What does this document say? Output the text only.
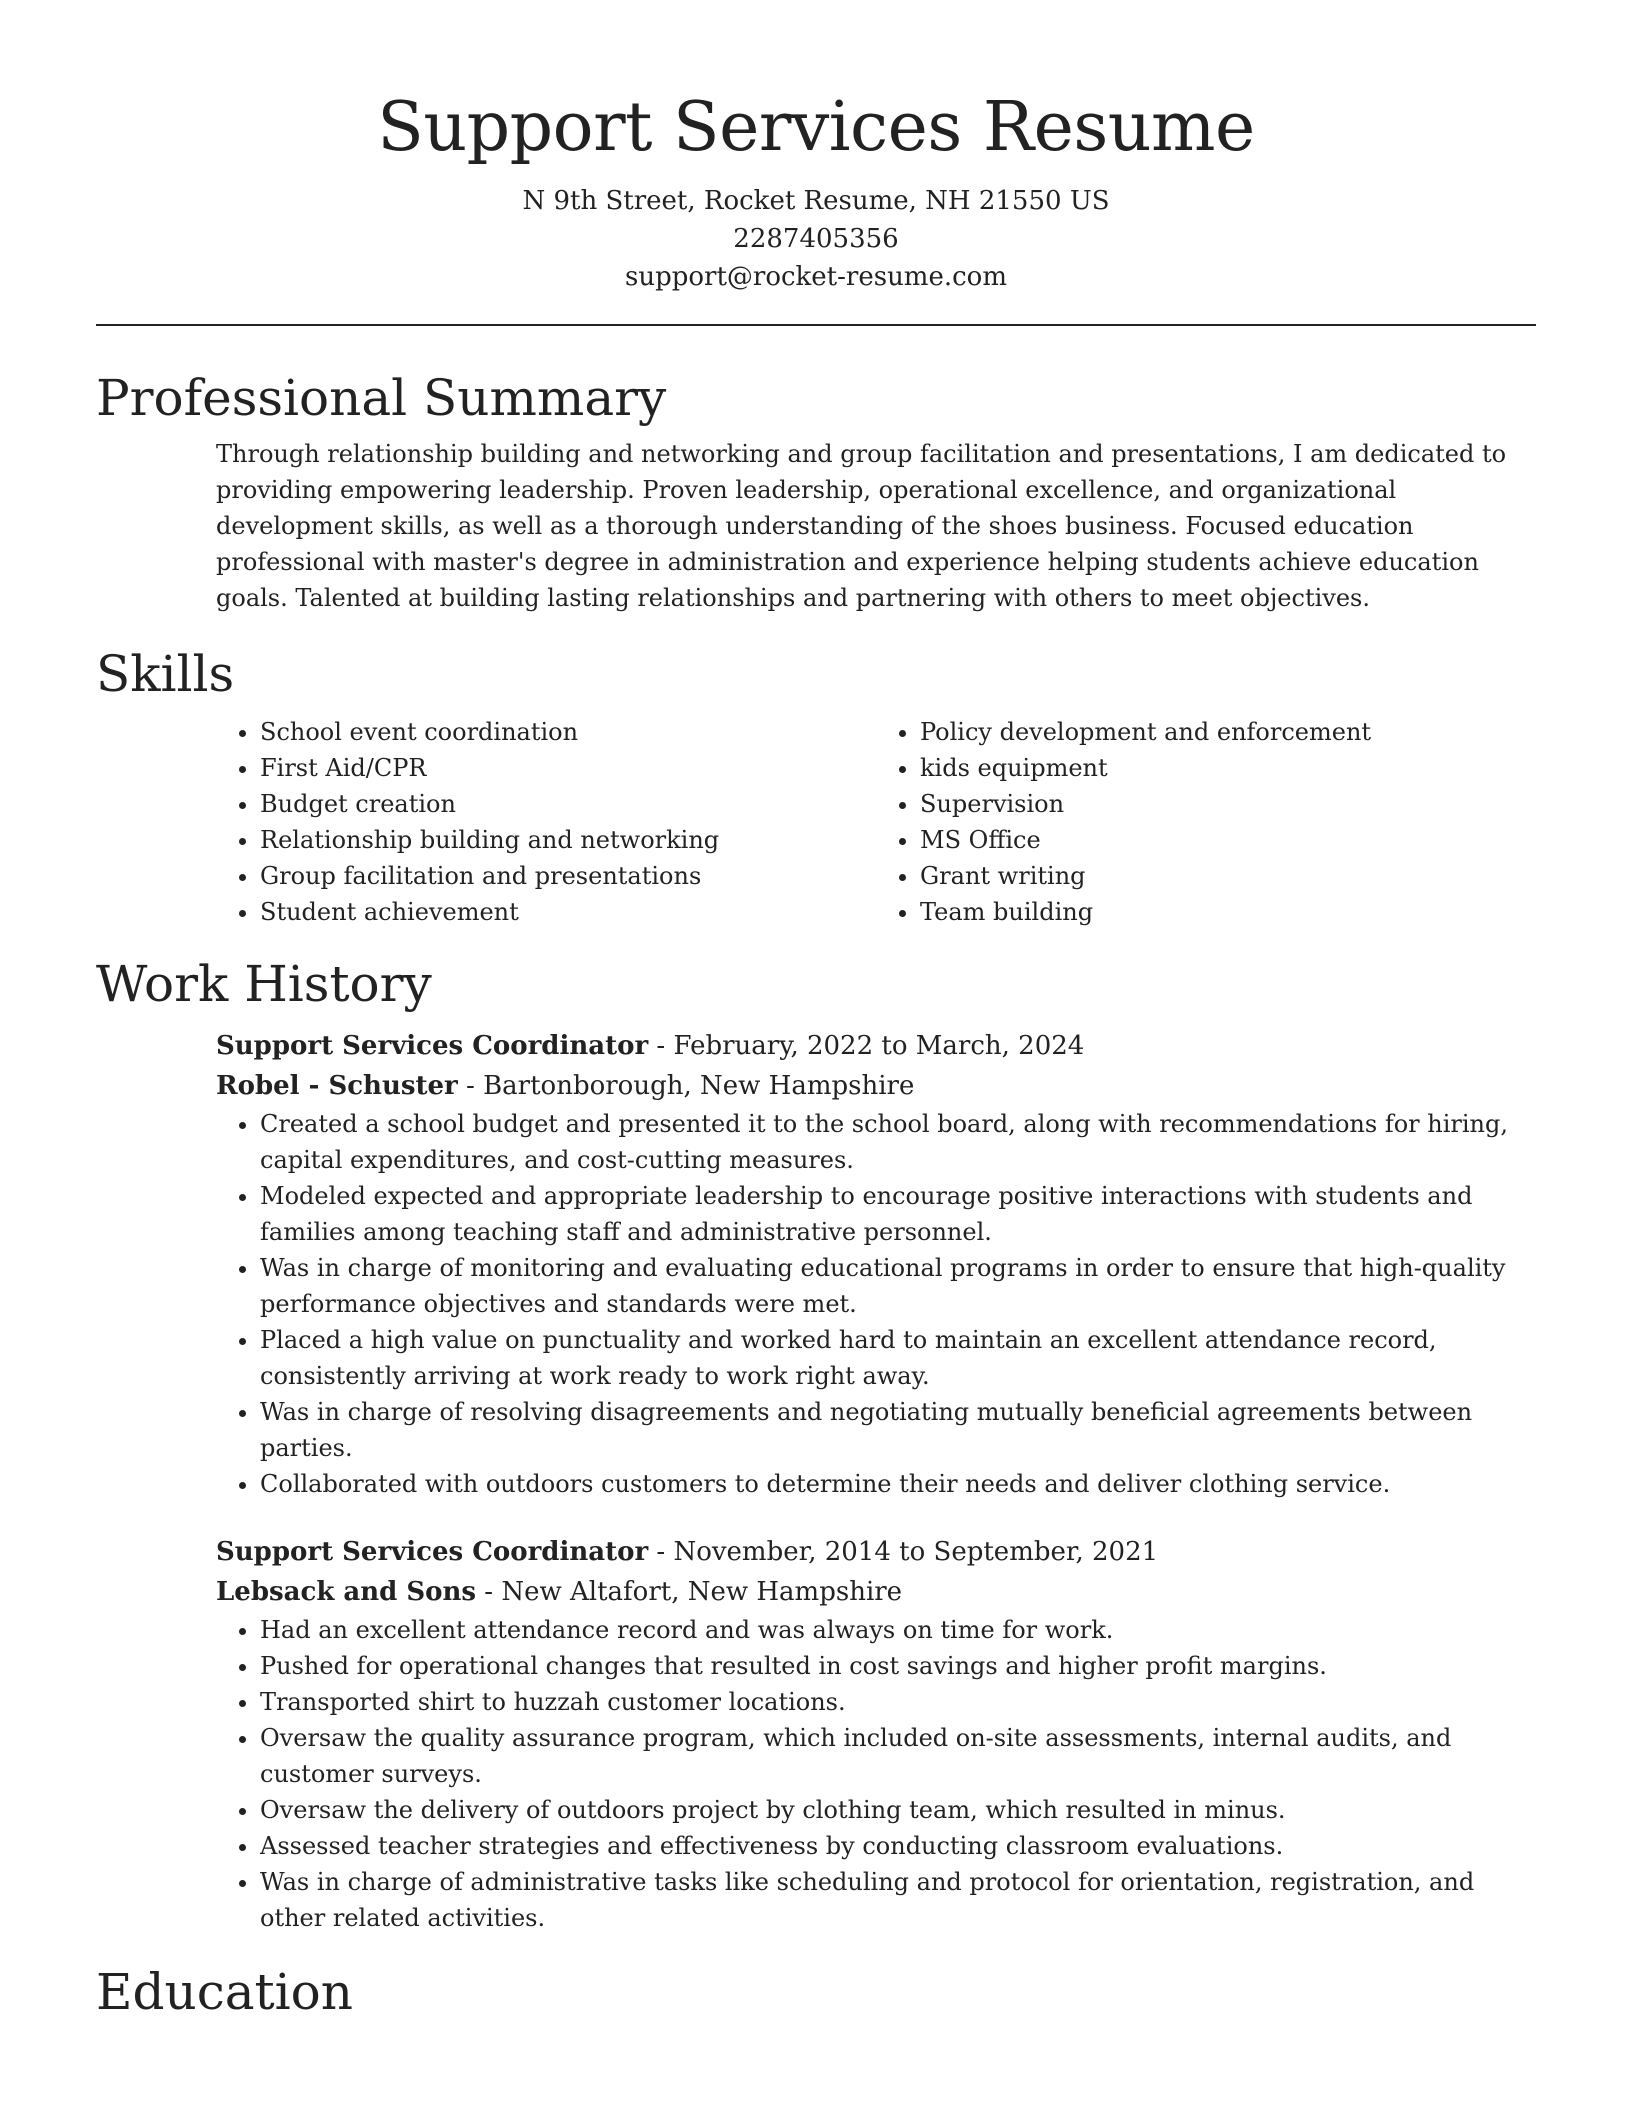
Support Services Resume
N 9th Street, Rocket Resume, NH 21550 US
2287405356
support@rocket-resume.com
Professional Summary

Through relationship building and networking and group facilitation and presentations, I am dedicated to providing empowering leadership. Proven leadership, operational excellence, and organizational development skills, as well as a thorough understanding of the shoes business. Focused education professional with master's degree in administration and experience helping students achieve education goals. Talented at building lasting relationships and partnering with others to meet objectives.

Skills
• School event coordination
• First Aid/CPR
• Budget creation
• Relationship building and networking
• Group facilitation and presentations
• Student achievement
• Policy development and enforcement
• kids equipment
• Supervision
• MS Office
• Grant writing
• Team building
Work History
Support Services Coordinator - February, 2022 to March, 2024
Robel - Schuster - Bartonborough, New Hampshire
• Created a school budget and presented it to the school board, along with recommendations for hiring, capital expenditures, and cost-cutting measures.
• Modeled expected and appropriate leadership to encourage positive interactions with students and families among teaching staff and administrative personnel.
• Was in charge of monitoring and evaluating educational programs in order to ensure that high-quality performance objectives and standards were met.
• Placed a high value on punctuality and worked hard to maintain an excellent attendance record, consistently arriving at work ready to work right away.
• Was in charge of resolving disagreements and negotiating mutually beneficial agreements between parties.
• Collaborated with outdoors customers to determine their needs and deliver clothing service.
Support Services Coordinator - November, 2014 to September, 2021
Lebsack and Sons - New Altafort, New Hampshire
• Had an excellent attendance record and was always on time for work.
• Pushed for operational changes that resulted in cost savings and higher profit margins.
• Transported shirt to huzzah customer locations.
• Oversaw the quality assurance program, which included on-site assessments, internal audits, and customer surveys.
• Oversaw the delivery of outdoors project by clothing team, which resulted in minus.
• Assessed teacher strategies and effectiveness by conducting classroom evaluations.
• Was in charge of administrative tasks like scheduling and protocol for orientation, registration, and other related activities.
Education
